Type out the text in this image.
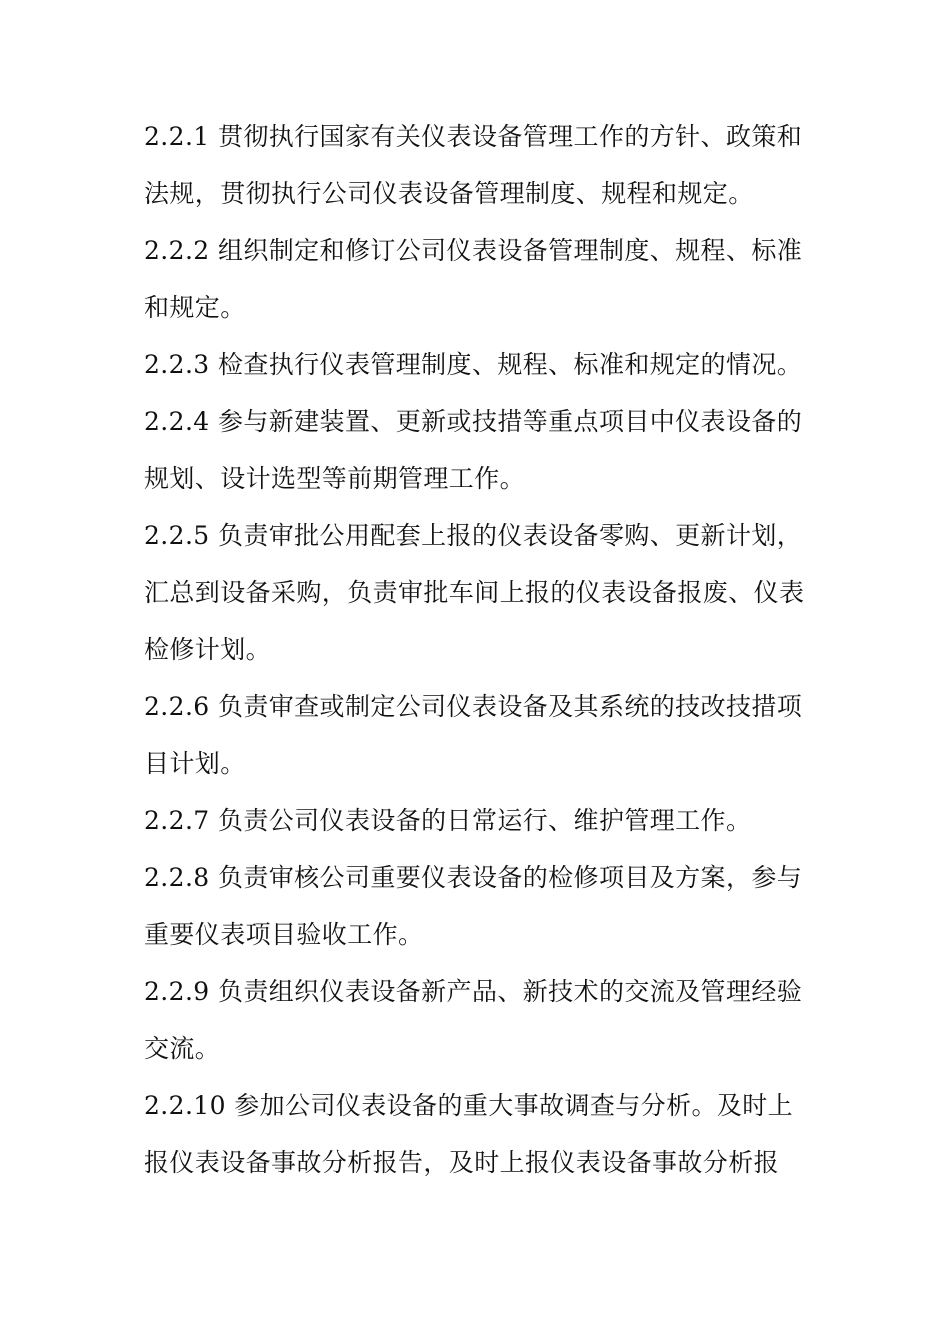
2.2.1 贯彻执行国家有关仪表设备管理工作的方针、政策和法规，贯彻执行公司仪表设备管理制度、规程和规定。

2.2.2 组织制定和修订公司仪表设备管理制度、规程、标准和规定。

2.2.3 检查执行仪表管理制度、规程、标准和规定的情况。

2.2.4 参与新建装置、更新或技措等重点项目中仪表设备的规划、设计选型等前期管理工作。

2.2.5 负责审批公用配套上报的仪表设备零购、更新计划，汇总到设备采购，负责审批车间上报的仪表设备报废、仪表检修计划。

2.2.6 负责审查或制定公司仪表设备及其系统的技改技措项目计划。

2.2.7 负责公司仪表设备的日常运行、维护管理工作。

2.2.8 负责审核公司重要仪表设备的检修项目及方案，参与重要仪表项目验收工作。

2.2.9 负责组织仪表设备新产品、新技术的交流及管理经验交流。

2.2.10 参加公司仪表设备的重大事故调查与分析。及时上报仪表设备事故分析报告，及时上报仪表设备事故分析报
